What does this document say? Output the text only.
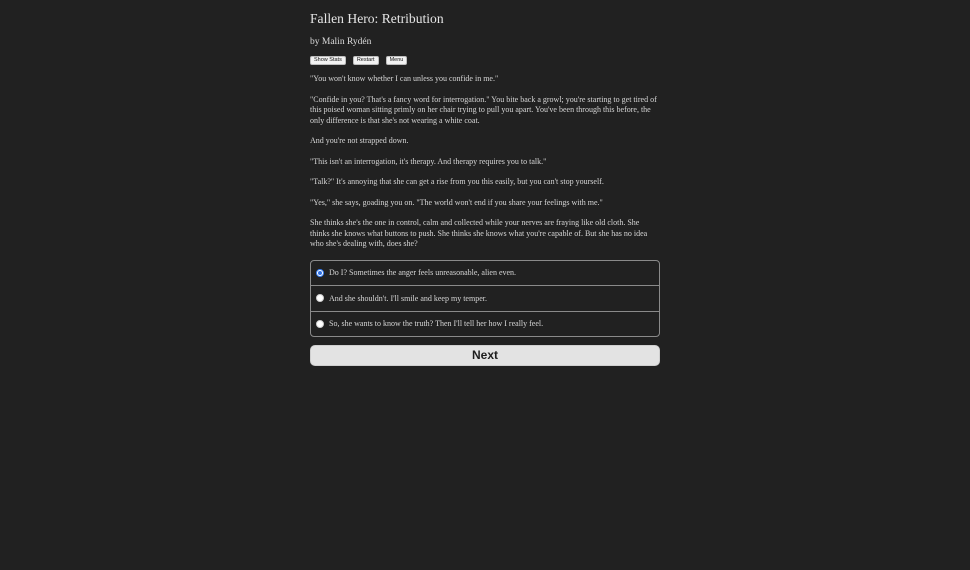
Fallen Hero: Retribution
by Malin Rydén
Show Stats	Restart	Menu

"You won't know whether I can unless you confide in me."

"Confide in you? That's a fancy word for interrogation." You bite back a growl; you're starting to get tired of this poised woman sitting primly on her chair trying to pull you apart. You've been through this before, the only difference is that she's not wearing a white coat.

And you're not strapped down.

"This isn't an interrogation, it's therapy. And therapy requires you to talk."

"Talk?" It's annoying that she can get a rise from you this easily, but you can't stop yourself.

"Yes," she says, goading you on. "The world won't end if you share your feelings with me."

She thinks she's the one in control, calm and collected while your nerves are fraying like old cloth. She thinks she knows what buttons to push. She thinks she knows what you're capable of. But she has no idea who she's dealing with, does she?

Do I? Sometimes the anger feels unreasonable, alien even.
And she shouldn't. I'll smile and keep my temper.
So, she wants to know the truth? Then I'll tell her how I really feel.
Next
